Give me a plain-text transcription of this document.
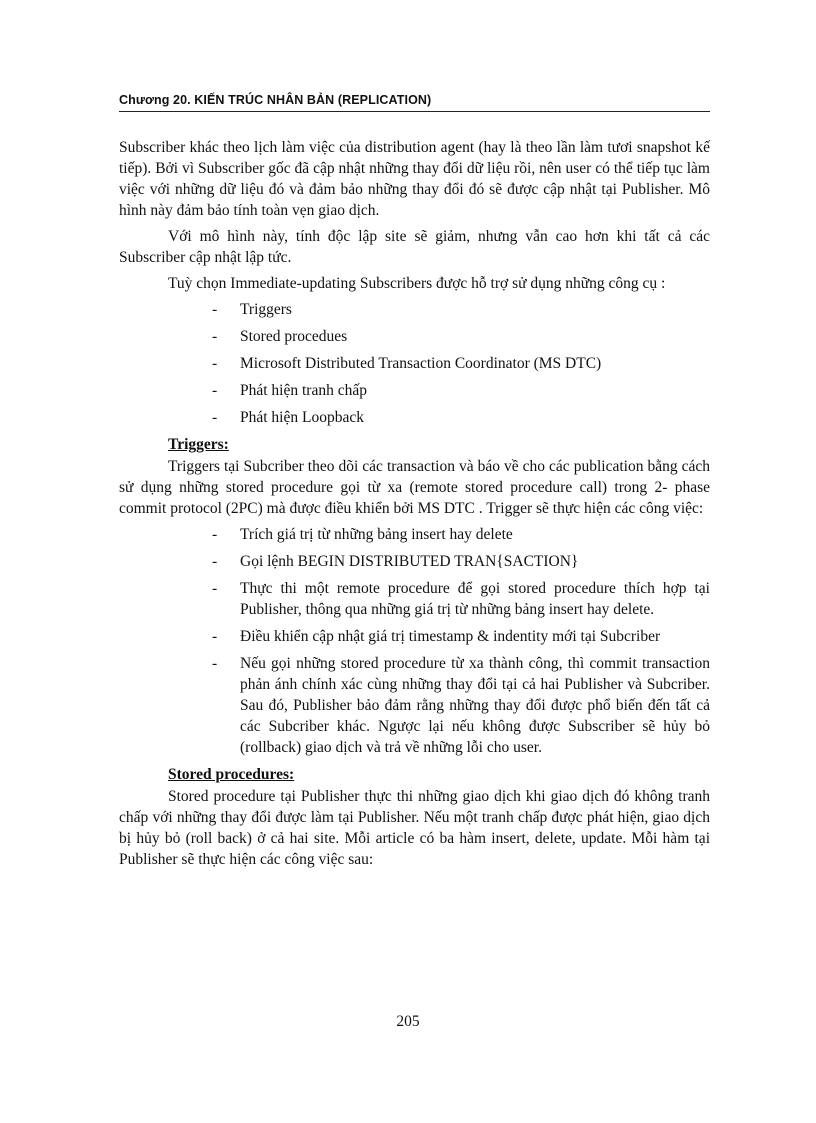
Chương 20. KIẾN TRÚC NHÂN BẢN (REPLICATION)

Subscriber khác theo lịch làm việc của distribution agent (hay là theo lần làm tươi snapshot kế tiếp). Bởi vì Subscriber gốc đã cập nhật những thay đổi dữ liệu rồi, nên user có thể tiếp tục làm việc với những dữ liệu đó và đảm bảo những thay đổi đó sẽ được cập nhật tại Publisher. Mô hình này đảm bảo tính toàn vẹn giao dịch.

Với mô hình này, tính độc lập site sẽ giảm, nhưng vẫn cao hơn khi tất cả các Subscriber cập nhật lập tức.

Tuỳ chọn Immediate-updating Subscribers được hỗ trợ sử dụng những công cụ :

- Triggers
- Stored procedues
- Microsoft Distributed Transaction Coordinator (MS DTC)
- Phát hiện tranh chấp
- Phát hiện Loopback
Triggers:

Triggers tại Subcriber theo dõi các transaction và báo về cho các publication bằng cách sử dụng những stored procedure gọi từ xa (remote stored procedure call) trong 2- phase commit protocol (2PC) mà được điều khiển bởi MS DTC . Trigger sẽ thực hiện các công việc:

- Trích giá trị từ những bảng insert hay delete
- Gọi lệnh BEGIN DISTRIBUTED TRAN{SACTION}
- Thực thi một remote procedure để gọi stored procedure thích hợp tại Publisher, thông qua những giá trị từ những bảng insert hay delete.
- Điều khiển cập nhật giá trị timestamp & indentity mới tại Subcriber
- Nếu gọi những stored procedure từ xa thành công, thì commit transaction phản ánh chính xác cùng những thay đổi tại cả hai Publisher và Subcriber. Sau đó, Publisher bảo đảm rằng những thay đổi được phổ biến đến tất cả các Subcriber khác. Ngược lại nếu không được Subscriber sẽ hủy bỏ (rollback) giao dịch và trả về những lỗi cho user.
Stored procedures:

Stored procedure tại Publisher thực thi những giao dịch khi giao dịch đó không tranh chấp với những thay đổi được làm tại Publisher. Nếu một tranh chấp được phát hiện, giao dịch bị hủy bỏ (roll back) ở cả hai site. Mỗi article có ba hàm insert, delete, update. Mỗi hàm tại Publisher sẽ thực hiện các công việc sau:

205
